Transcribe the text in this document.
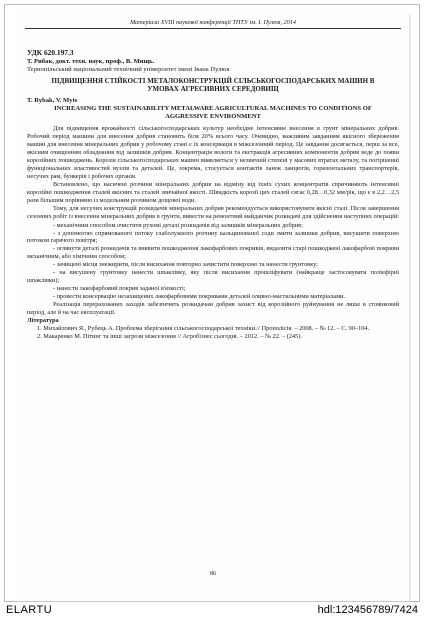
Матеріали XVIII наукової конференції ТНТУ ім. І. Пулюя, 2014
УДК 620.197.3
Т. Рибак, докт. техн. наук, проф., В. Мищь.
Тернопільський національний технічний університет імені Івана Пулюя
ПІДВИЩЕННЯ СТІЙКОСТІ МЕТАЛОКОНСТРУКЦІЙ СІЛЬСЬКОГОСПОДАРСЬКИХ МАШИН В УМОВАХ АГРЕСИВНИХ СЕРЕДОВИЩ
T. Rybak, V. Myts
INCREASING THE SUSTAINABILITY METALWARE AGRICULTURAL MACHINES TO CONDITIONS OF AGGRESSIVE ENVIRONMENT

Для підвищення врожайності сільськогосподарських культур необхідне інтенсивне внесення в грунт мінеральних добрив. Робочий період машини для внесення добрив становить біля 20% всього часу. Очевидно, важливим завданням якісного збереження машин для внесення мінеральних добрив у робочому стані є їх консервація в міжсезонний період. Це завдання досягається, перш за все, якісним очищенням обладнання від залишків добрив. Концентрація вологи та екстракція агресивних компонентів добрив веде до появи корозійних пошкоджень. Корозія сільськогосподарських машин виявляється у незвичній степені у масових втратах металу, та погіршенні функціональних властивостей вузлів та деталей. Це, зокрема, стосується контактів ланок ланцюгів, горизонтальних транспортерів, несучих рам, бункерів і робочих органів.

Встановлено, що насичені розчини мінеральних добрив на відміну від їхніх сухих концентратів спричиняють інтенсивні корозійні пошкодження сталей якісних та сталей звичайної якості. Швидкість корозії цих сталей сягає 0,28…0,32 мм/рік, що є в 2,2…2,5 рази більшим порівняно із модельним розчином дощової води.

Тому, для несучих конструкцій розкидачів мінеральних добрив рекомендується використовувати якісні сталі. Після завершення сезонних робіт із внесення мінеральних добрив в грунти, вивести на ремонтний майданчик розкидачі для здійснення наступних операцій:

- механічним способом очистити рухомі деталі розкидачів від залишків мінеральних добрив;

- з допомогою спрямованого потоку слаболужного розчину кальцинованої соди змити залишки добрив, висушити поверхню потоком гарячого повітря;

- оглянути деталі розкидачів та виявити пошкодження лакофарбових покривів, видалити старі пошкоджені лакофарбові покриви механічним, або хімічним способом;

- зачищені місця знежирити, після висихання повторно зачистити поверхню та нанести грунтовку;

- на висушену грунтовку нанести шпаклівку, яку після висихання прошліфувати (найкраще застосовувати поліефірні шпаклівки);

- нанести лакофарбовий покрив заданої в'язкості;

- провести консервацію незахищених лакофарбовими покривами деталей оливно-мастильними матеріалами.

Реалізація перерахованих заходів забезпечить розкидачам добрив захист від корозійного руйнування не лише в стоянковий період, але й на час експлуатації.

Література

1. Михайлович Я., Рубець А. Проблема зберігання сільськогосподарської техніки.// Прополісія. – 2008. – № 12. – С. 90–104.

2. Макаренко М. Пітинг та інші загрози міжсезоння // Агробізнес сьогодні. – 2012. – № 22. – (245).

86
ELARTU	hdl:123456789/7424
